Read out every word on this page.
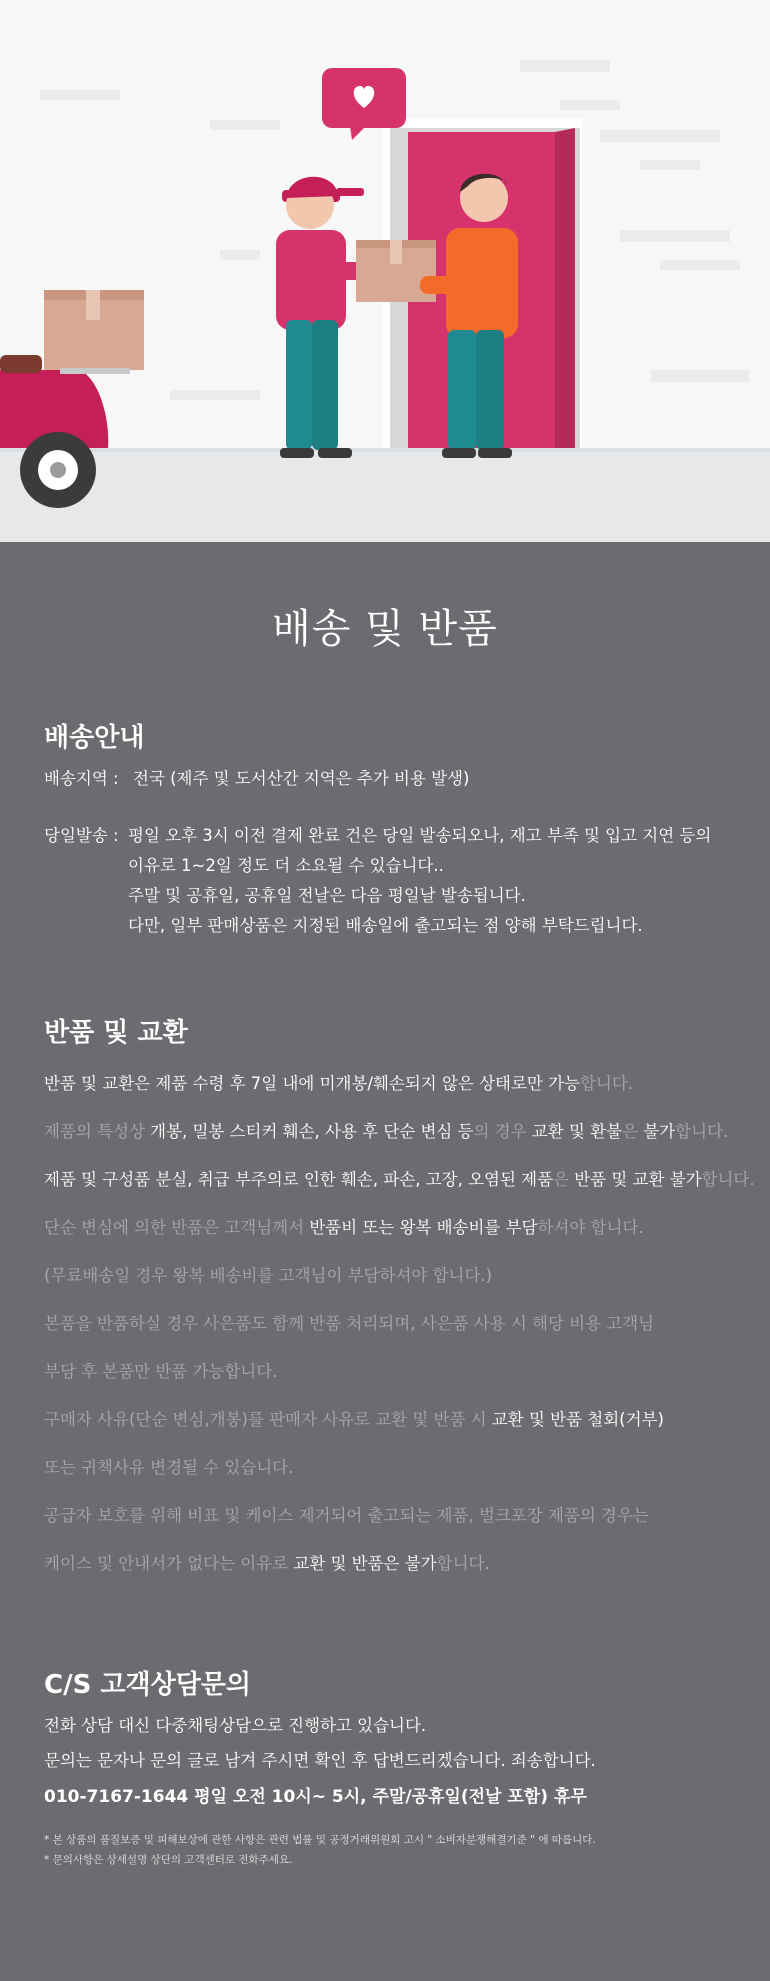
배송 및 반품
배송안내
배송지역 : 전국 (제주 및 도서산간 지역은 추가 비용 발생)
당일발송 : 평일 오후 3시 이전 결제 완료 건은 당일 발송되오나, 재고 부족 및 입고 지연 등의
이유로 1~2일 정도 더 소요될 수 있습니다..
주말 및 공휴일, 공휴일 전날은 다음 평일날 발송됩니다.
다만, 일부 판매상품은 지정된 배송일에 출고되는 점 양해 부탁드립니다.
반품 및 교환
반품 및 교환은 제품 수령 후 7일 내에 미개봉/훼손되지 않은 상태로만 가능합니다.
제품의 특성상 개봉, 밀봉 스티커 훼손, 사용 후 단순 변심 등의 경우 교환 및 환불은 불가합니다.
제품 및 구성품 분실, 취급 부주의로 인한 훼손, 파손, 고장, 오염된 제품은 반품 및 교환 불가합니다.
단순 변심에 의한 반품은 고객님께서 반품비 또는 왕복 배송비를 부담하셔야 합니다.
(무료배송일 경우 왕복 배송비를 고객님이 부담하셔야 합니다.)
본품을 반품하실 경우 사은품도 함께 반품 처리되며, 사은품 사용 시 해당 비용 고객님
부담 후 본품만 반품 가능합니다.
구매자 사유(단순 변심,개봉)를 판매자 사유로 교환 및 반품 시 교환 및 반품 철회(거부)
또는 귀책사유 변경될 수 있습니다.
공급자 보호를 위해 비표 및 케이스 제거되어 출고되는 제품, 벌크포장 제품의 경우는
케이스 및 안내서가 없다는 이유로 교환 및 반품은 불가합니다.
C/S 고객상담문의
전화 상담 대신 다중채팅상담으로 진행하고 있습니다.
문의는 문자나 문의 글로 남겨 주시면 확인 후 답변드리겠습니다. 죄송합니다.
010-7167-1644 평일 오전 10시~ 5시, 주말/공휴일(전날 포함) 휴무
* 본 상품의 품질보증 및 피해보상에 관한 사항은 관련 법률 및 공정거래위원회 고시 " 소비자분쟁해결기준 " 에 따릅니다.
* 문의사항은 상세설명 상단의 고객센터로 전화주세요.
